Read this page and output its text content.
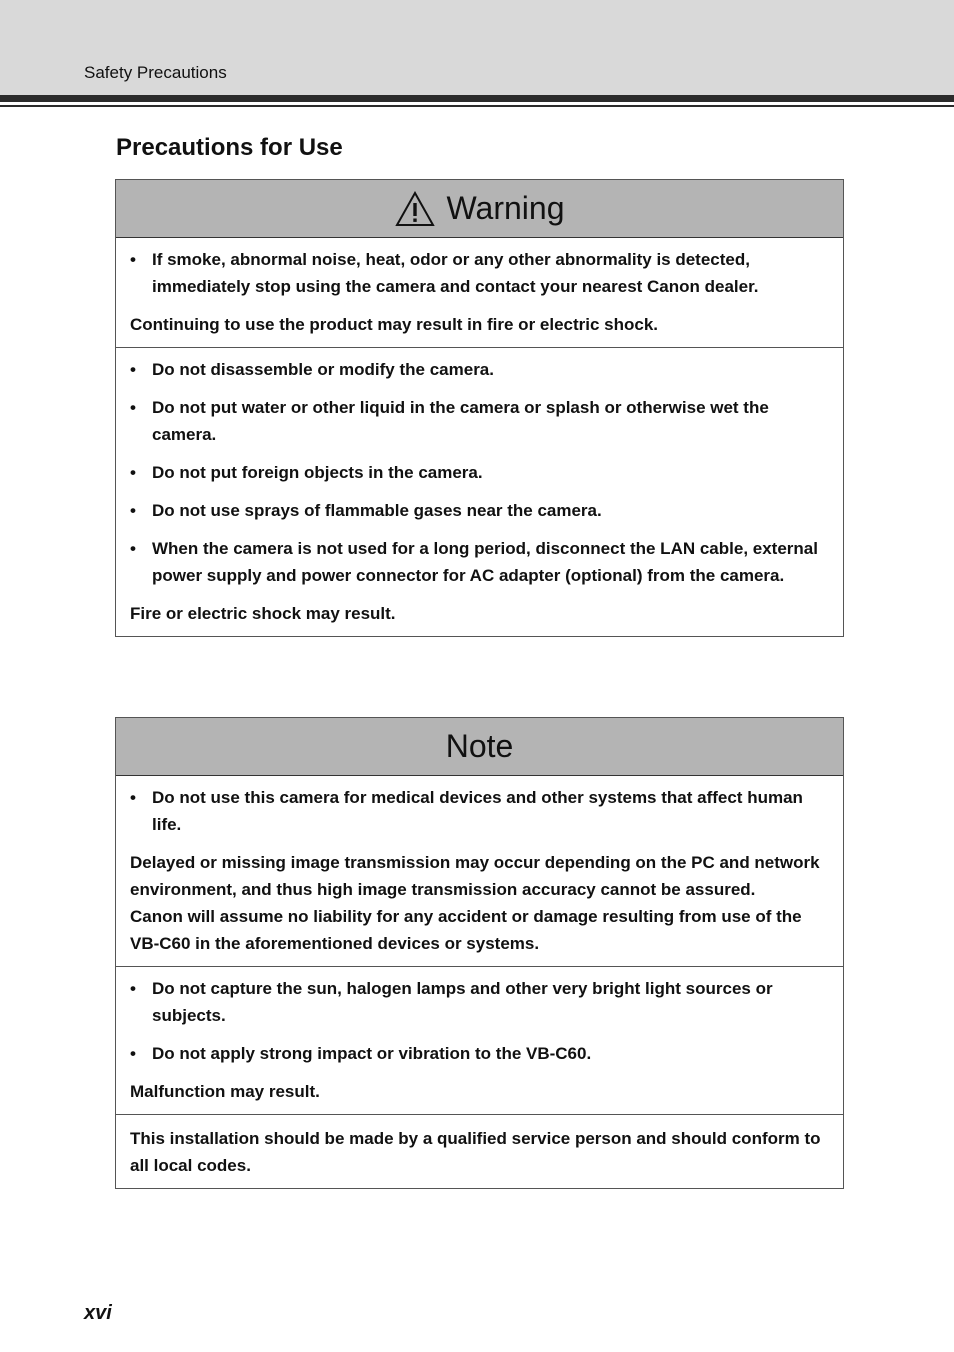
Safety Precautions
Precautions for Use
Warning
• If smoke, abnormal noise, heat, odor or any other abnormality is detected, immediately stop using the camera and contact your nearest Canon dealer.

Continuing to use the product may result in fire or electric shock.

• Do not disassemble or modify the camera.
• Do not put water or other liquid in the camera or splash or otherwise wet the camera.
• Do not put foreign objects in the camera.
• Do not use sprays of flammable gases near the camera.
• When the camera is not used for a long period, disconnect the LAN cable, external power supply and power connector for AC adapter (optional) from the camera.

Fire or electric shock may result.

Note
• Do not use this camera for medical devices and other systems that affect human life.

Delayed or missing image transmission may occur depending on the PC and network environment, and thus high image transmission accuracy cannot be assured.

Canon will assume no liability for any accident or damage resulting from use of the VB-C60 in the aforementioned devices or systems.

• Do not capture the sun, halogen lamps and other very bright light sources or subjects.
• Do not apply strong impact or vibration to the VB-C60.

Malfunction may result.

This installation should be made by a qualified service person and should conform to all local codes.

xvi
